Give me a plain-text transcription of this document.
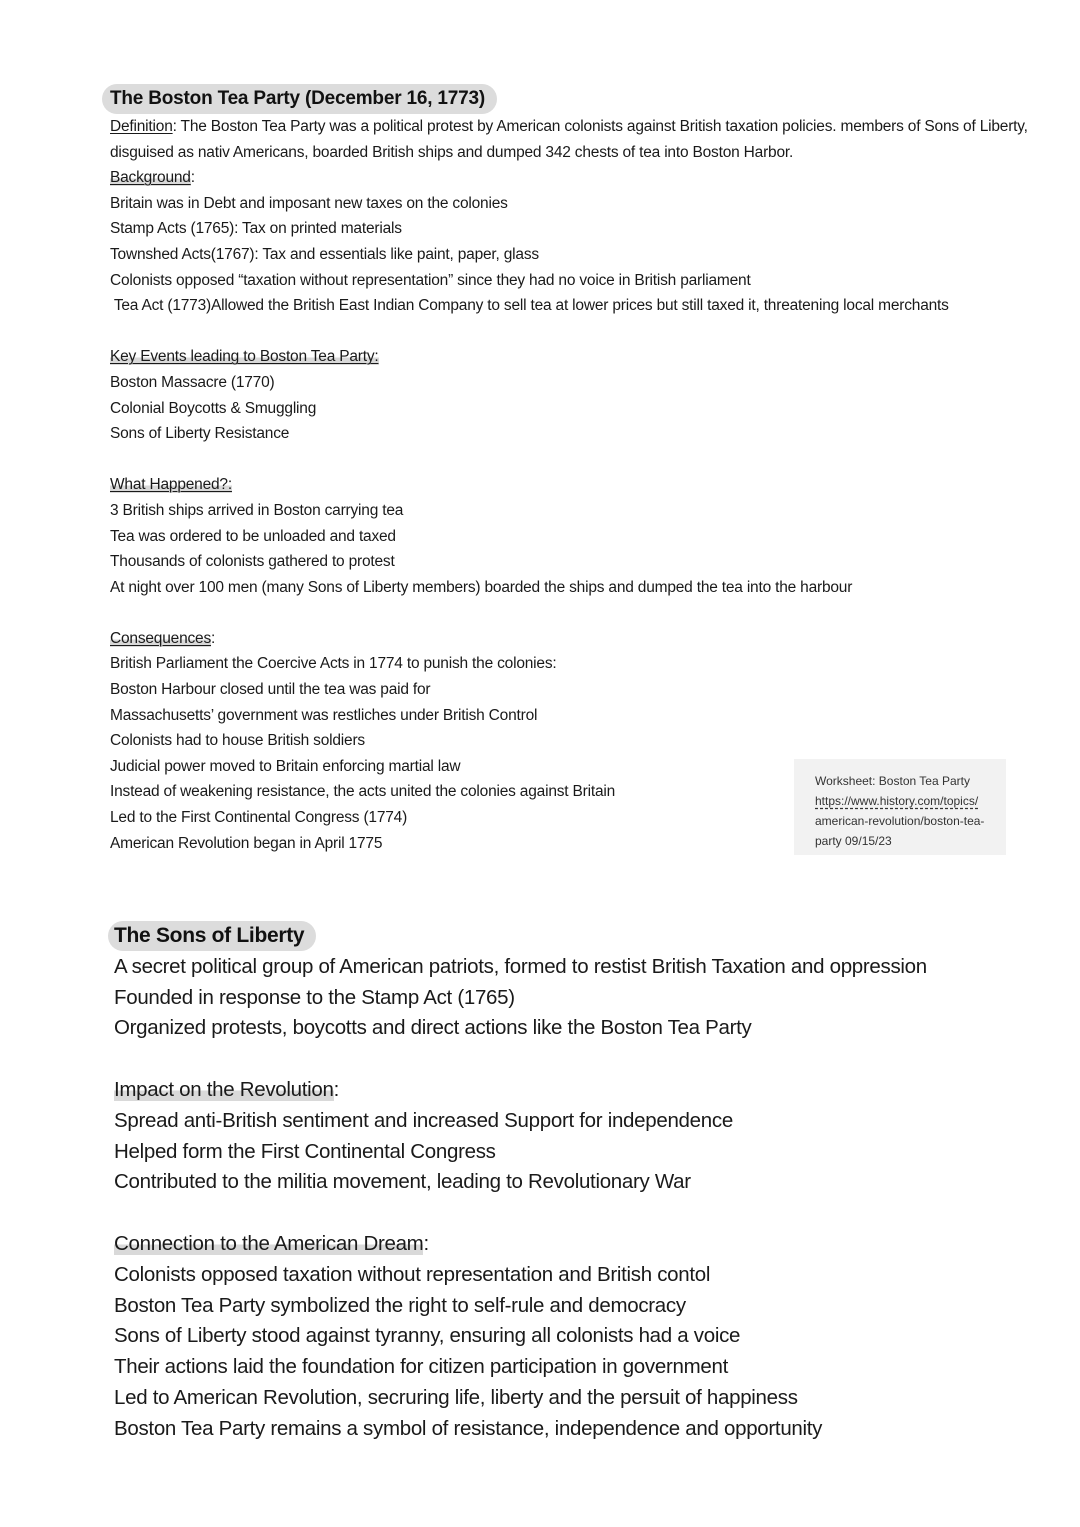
The Boston Tea Party (December 16, 1773)
Definition: The Boston Tea Party was a political protest by American colonists against British taxation policies. members of Sons of Liberty, disguised as nativ Americans, boarded British ships and dumped 342 chests of tea into Boston Harbor.
Background:
Britain was in Debt and imposant new taxes on the colonies
Stamp Acts (1765): Tax on printed materials
Townshed Acts(1767): Tax and essentials like paint, paper, glass
Colonists opposed “taxation without representation” since they had no voice in British parliament
Tea Act (1773)Allowed the British East Indian Company to sell tea at lower prices but still taxed it, threatening local merchants
Key Events leading to Boston Tea Party:
Boston Massacre (1770)
Colonial Boycotts & Smuggling
Sons of Liberty Resistance
What Happened?:
3 British ships arrived in Boston carrying tea
Tea was ordered to be unloaded and taxed
Thousands of colonists gathered to protest
At night over 100 men (many Sons of Liberty members) boarded the ships and dumped the tea into the harbour
Consequences:
British Parliament the Coercive Acts in 1774 to punish the colonies:
Boston Harbour closed until the tea was paid for
Massachusetts’ government was restliches under British Control
Colonists had to house British soldiers
Judicial power moved to Britain enforcing martial law
Instead of weakening resistance, the acts united the colonies against Britain
Led to the First Continental Congress (1774)
American Revolution began in April 1775
Worksheet: Boston Tea Party
https://www.history.com/topics/
american-revolution/boston-tea-
party 09/15/23
The Sons of Liberty
A secret political group of American patriots, formed to restist British Taxation and oppression
Founded in response to the Stamp Act (1765)
Organized protests, boycotts and direct actions like the Boston Tea Party
Impact on the Revolution:
Spread anti-British sentiment and increased Support for independence
Helped form the First Continental Congress
Contributed to the militia movement, leading to Revolutionary War
Connection to the American Dream:
Colonists opposed taxation without representation and British contol
Boston Tea Party symbolized the right to self-rule and democracy
Sons of Liberty stood against tyranny, ensuring all colonists had a voice
Their actions laid the foundation for citizen participation in government
Led to American Revolution, secruring life, liberty and the persuit of happiness
Boston Tea Party remains a symbol of resistance, independence and opportunity
